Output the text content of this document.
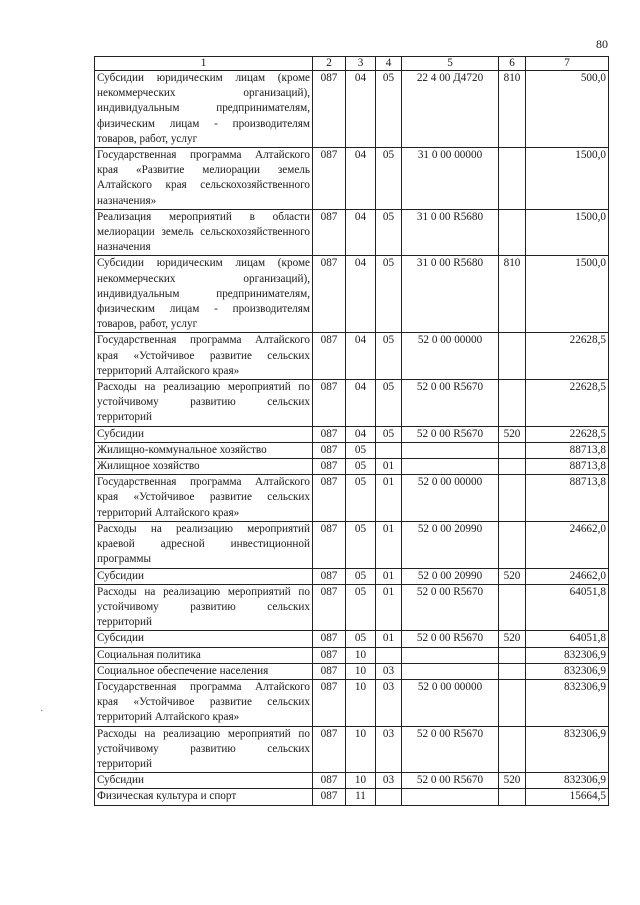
80
1	2	3	4	5	6	7
Субсидии юридическим лицам (кроме некоммерческих организаций), индивидуальным предпринимателям, физическим лицам - производителям товаров, работ, услуг	087	04	05	22 4 00 Д4720	810	500,0
Государственная программа Алтайского края «Развитие мелиорации земель Алтайского края сельскохозяйственного назначения»	087	04	05	31 0 00 00000		1500,0
Реализация мероприятий в области мелиорации земель сельскохозяйственного назначения	087	04	05	31 0 00 R5680		1500,0
Субсидии юридическим лицам (кроме некоммерческих организаций), индивидуальным предпринимателям, физическим лицам - производителям товаров, работ, услуг	087	04	05	31 0 00 R5680	810	1500,0
Государственная программа Алтайского края «Устойчивое развитие сельских территорий Алтайского края»	087	04	05	52 0 00 00000		22628,5
Расходы на реализацию мероприятий по устойчивому развитию сельских территорий	087	04	05	52 0 00 R5670		22628,5
Субсидии	087	04	05	52 0 00 R5670	520	22628,5
Жилищно-коммунальное хозяйство	087	05				88713,8
Жилищное хозяйство	087	05	01			88713,8
Государственная программа Алтайского края «Устойчивое развитие сельских территорий Алтайского края»	087	05	01	52 0 00 00000		88713,8
Расходы на реализацию мероприятий краевой адресной инвестиционной программы	087	05	01	52 0 00 20990		24662,0
Субсидии	087	05	01	52 0 00 20990	520	24662,0
Расходы на реализацию мероприятий по устойчивому развитию сельских территорий	087	05	01	52 0 00 R5670		64051,8
Субсидии	087	05	01	52 0 00 R5670	520	64051,8
Социальная политика	087	10				832306,9
Социальное обеспечение населения	087	10	03			832306,9
Государственная программа Алтайского края «Устойчивое развитие сельских территорий Алтайского края»	087	10	03	52 0 00 00000		832306,9
Расходы на реализацию мероприятий по устойчивому развитию сельских территорий	087	10	03	52 0 00 R5670		832306,9
Субсидии	087	10	03	52 0 00 R5670	520	832306,9
Физическая культура и спорт	087	11				15664,5
·
